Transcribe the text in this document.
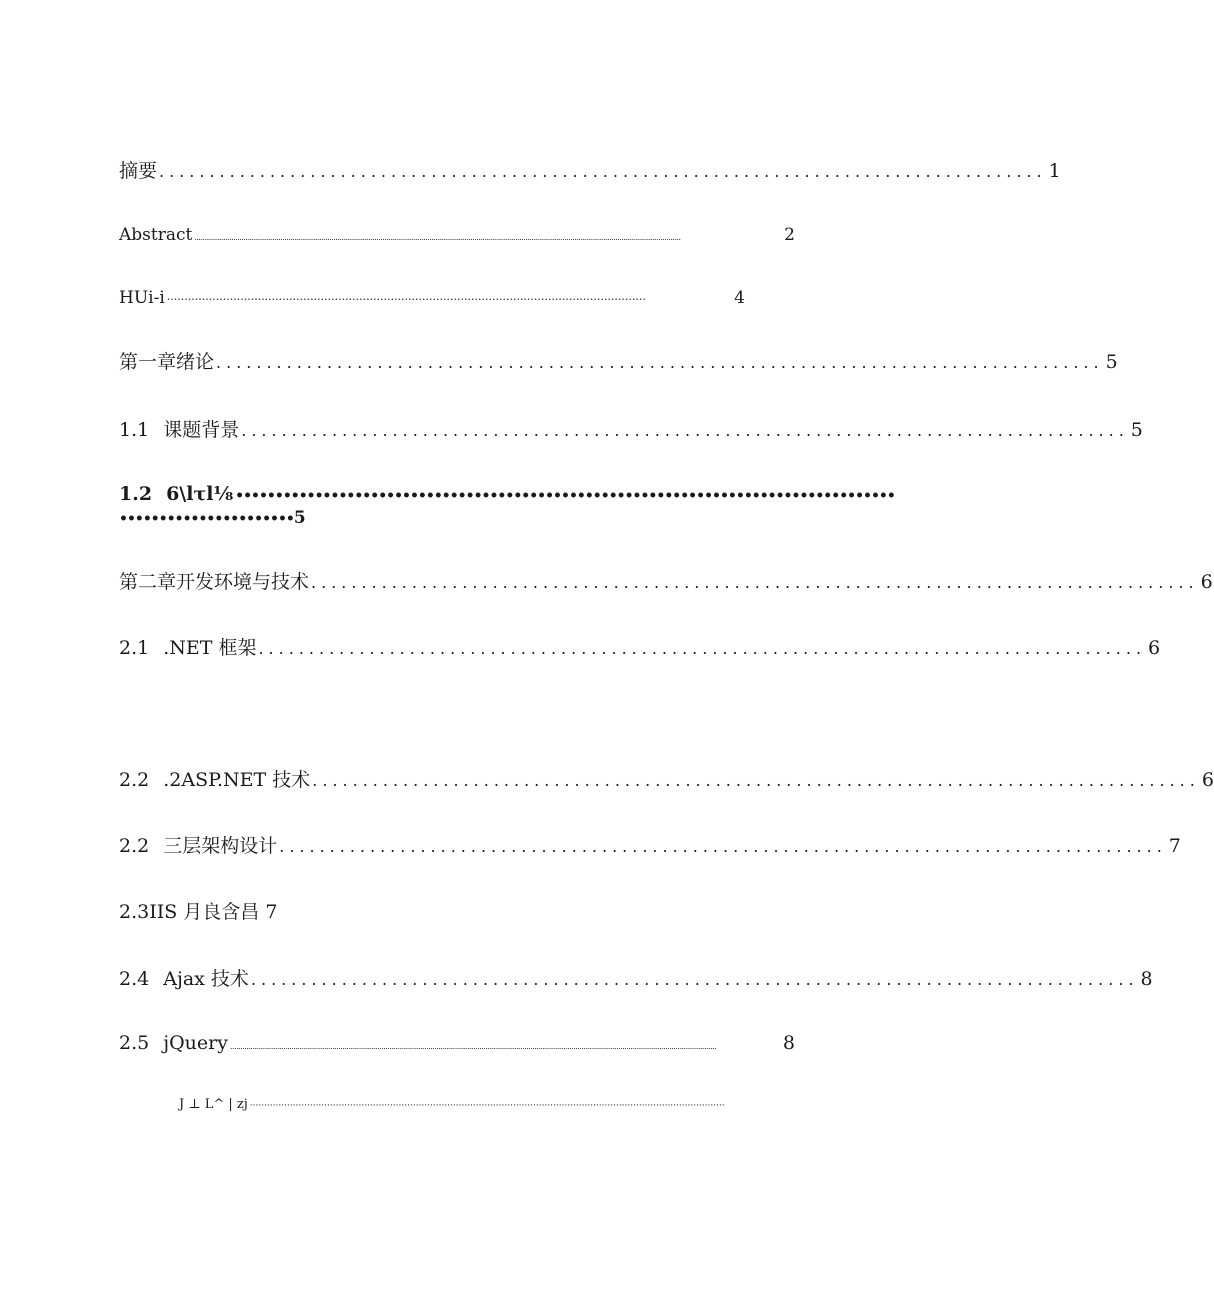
摘要 ........................................................................................ 1
Abstract ..............................................................................................................................................................................................................................................	2
HUi-i ·········································································································································	4
第一章绪论 ........................................................................................ 5
1.1 课题背景 ........................................................................................ 5
1.2 6\lτl⅛ •••••••••••••••••••••••••••••••••••••••••••••••••••••••••••••••••••••••••••••••••••
•••••••••••••••••••••• 5
第二章开发环境与技术 ........................................................................................ 6
2.1 .NET 框架 ........................................................................................ 6
2.2 .2ASP.NET 技术 ........................................................................................ 6
2.2 三层架构设计 ........................................................................................ 7
2.3IIS 月良含昌 7
2.4 Ajax 技术 ........................................................................................ 8
2.5 jQuery ..............................................................................................................................................................................................................................................	8
J ⊥ L^ | zj ······································································································································································
